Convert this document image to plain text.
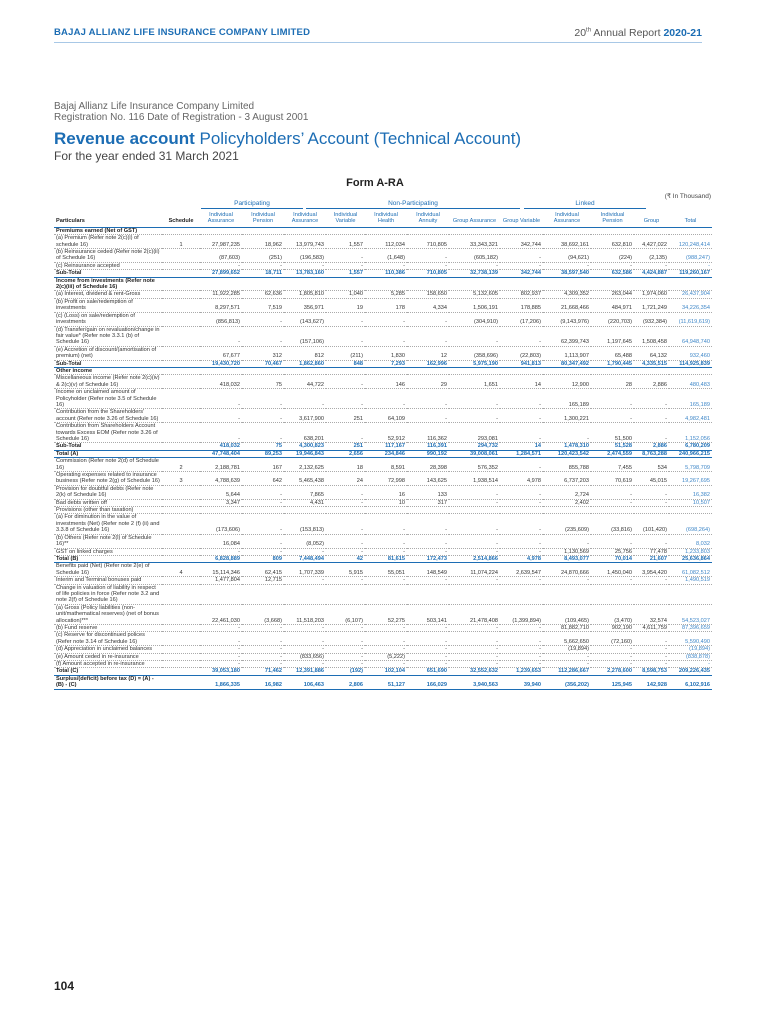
BAJAJ ALLIANZ LIFE INSURANCE COMPANY LIMITED	20th Annual Report 2020-21
Bajaj Allianz Life Insurance Company Limited
Registration No. 116 Date of Registration - 3 August 2001
Revenue account Policyholders’ Account (Technical Account)
For the year ended 31 March 2021
Form A-RA
(₹ In Thousand)
Participating	Non-Participating	Linked
Particulars	Schedule	Individual Assurance	Individual Pension	Individual Assurance	Individual Variable	Individual Health	Individual Annuity	Group Assurance	Group Variable	Individual Assurance	Individual Pension	Group	Total
Premiums earned (Net of GST)													
(a) Premium (Refer note 2(c)(i) of schedule 16)	1	27,987,235	18,962	13,979,743	1,557	112,034	710,805	33,343,321	342,744	38,692,161	632,810	4,427,022	120,248,414
(b) Reinsurance ceded (Refer note 2(c)(ii) of Schedule 16)		(87,603)	(251)	(196,583)	-	(1,648)	-	(605,182)	-	(94,621)	(224)	(2,135)	(988,247)
(c) Reinsurance accepted		-	-	-	-	-	-	-	-	-	-	-	-
Sub-Total		27,899,652	18,711	13,783,160	1,557	110,386	710,805	32,738,139	342,744	38,597,540	632,586	4,424,887	119,260,167
Income from investments (Refer note 2(c)(iii) of Schedule 16)													
(a) Interest, dividend & rent-Gross		11,922,285	62,636	1,805,810	1,040	5,285	158,650	5,132,605	802,937	4,309,352	263,044	1,974,060	26,437,904
(b) Profit on sale/redemption of investments		8,297,571	7,519	356,971	19	178	4,334	1,506,191	178,885	21,668,466	484,971	1,721,249	34,226,354
(c) (Loss) on sale/redemption of investments		(856,813)	-	(143,627)	-	-	-	(304,910)	(17,206)	(9,143,976)	(220,703)	(932,384)	(11,619,619)
(d) Transfer/gain on revaluation/change in fair value* (Refer note 3.3.1 (b) of Schedule 16)		-	-	(157,106)	-	-	-	-	-	62,399,743	1,197,645	1,508,458	64,948,740
(e) Accretion of discount/(amortisation of premium) (net)		67,677	312	812	(211)	1,830	12	(358,696)	(22,803)	1,113,907	65,488	64,132	932,460
Sub-Total		19,430,720	70,467	1,862,860	848	7,293	162,996	5,975,190	941,813	80,347,492	1,790,445	4,335,515	114,925,839
Other income													
Miscellaneous income (Refer note 2(c)(iv) & 2(c)(v) of Schedule 16)		418,032	75	44,722	-	146	29	1,651	14	12,900	28	2,886	480,483
Income on unclaimed amount of Policyholder (Refer note 3.5 of Schedule 16)		-	-	-	-	-	-	-	-	165,189	-	-	165,189
Contribution from the Shareholders' account (Refer note 3.26 of Schedule 16)		-	-	3,617,900	251	64,109	-	-	-	1,300,221	-	-	4,982,481
Contribution from Shareholders Account towards Excess EOM (Refer note 3.26 of Schedule 16)		-	-	638,201	-	52,912	116,362	293,081	-	-	51,500	-	1,152,056
Sub-Total		418,032	75	4,300,823	251	117,167	116,391	294,732	14	1,478,310	51,528	2,886	6,780,209
Total (A)		47,748,404	89,253	19,946,843	2,656	234,846	990,192	39,008,061	1,284,571	120,423,542	2,474,559	8,763,288	240,966,215
Commission (Refer note 2(d) of Schedule 16)	2	2,188,781	167	2,132,625	18	8,591	28,398	576,352	-	855,788	7,455	534	5,798,709
Operating expenses related to insurance business (Refer note 2(g) of Schedule 16)	3	4,788,639	642	5,465,438	24	72,998	143,625	1,938,514	4,978	6,737,203	70,619	45,015	19,267,695
Provision for doubtful debts (Refer note 2(k) of Schedule 16)		5,644	-	7,865	-	16	133	-	-	2,724	-	-	16,382
Bad debts written off		3,347	-	4,431	-	10	317	-	-	2,402	-	-	10,507
Provisions (other than taxation)													
(a) For diminution in the value of investments (Net) (Refer note 2 (f) (ii) and 3.3.8 of Schedule 16)		(173,606)	-	(153,813)	-	-	-	-	-	(235,609)	(33,816)	(101,420)	(698,264)
(b) Others (Refer note 2(l) of Schedule 16)**		16,084	-	(8,052)	-	-	-	-	-	-	-	-	8,032
GST on linked charges		-	-	-	-	-	-	-	-	1,130,569	25,756	77,478	1,233,803
Total (B)		6,828,889	809	7,448,494	42	81,615	172,473	2,514,866	4,978	8,493,077	70,014	21,607	25,636,864
Benefits paid (Net) (Refer note 2(e) of Schedule 16)	4	15,114,346	62,415	1,707,339	5,915	55,051	148,549	11,074,224	2,639,547	24,870,666	1,450,040	3,954,420	61,082,512
Interim and Terminal bonuses paid		1,477,804	12,715	-	-	-	-	-	-	-	-	-	1,490,519
Change in valuation of liability in respect of life policies in force (Refer note 3.2 and note 2(f) of Schedule 16)													
(a) Gross (Policy liabilities (non-unit/mathematical reserves) (net of bonus allocation)***		22,461,030	(3,668)	11,518,203	(6,107)	52,275	503,141	21,478,408	(1,399,894)	(109,465)	(3,470)	32,574	54,523,027
(b) Fund reserve		-	-	-	-	-	-	-	-	81,882,710	902,190	4,611,759	87,396,659
(c) Reserve for discontinued polices (Refer note 3.14 of Schedule 16)		-	-	-	-	-	-	-	-	5,662,650	(72,160)	-	5,590,490
(d) Appreciation in unclaimed balances		-	-	-	-	-	-	-	-	(19,894)	-	-	(19,894)
(e) Amount ceded in re-insurance		-	-	(833,656)	-	(5,222)	-	-	-	-	-	-	(838,878)
(f) Amount accepted in re-insurance		-	-	-	-	-	-	-	-	-	-	-	-
Total (C)		39,053,180	71,462	12,391,886	(192)	102,104	651,690	32,552,632	1,239,653	112,286,667	2,278,600	8,598,753	209,226,435
Surplus/(deficit) before tax (D) = (A) - (B) - (C)		1,866,335	16,982	106,463	2,806	51,127	166,029	3,940,563	39,940	(356,202)	125,945	142,928	6,102,916
104
